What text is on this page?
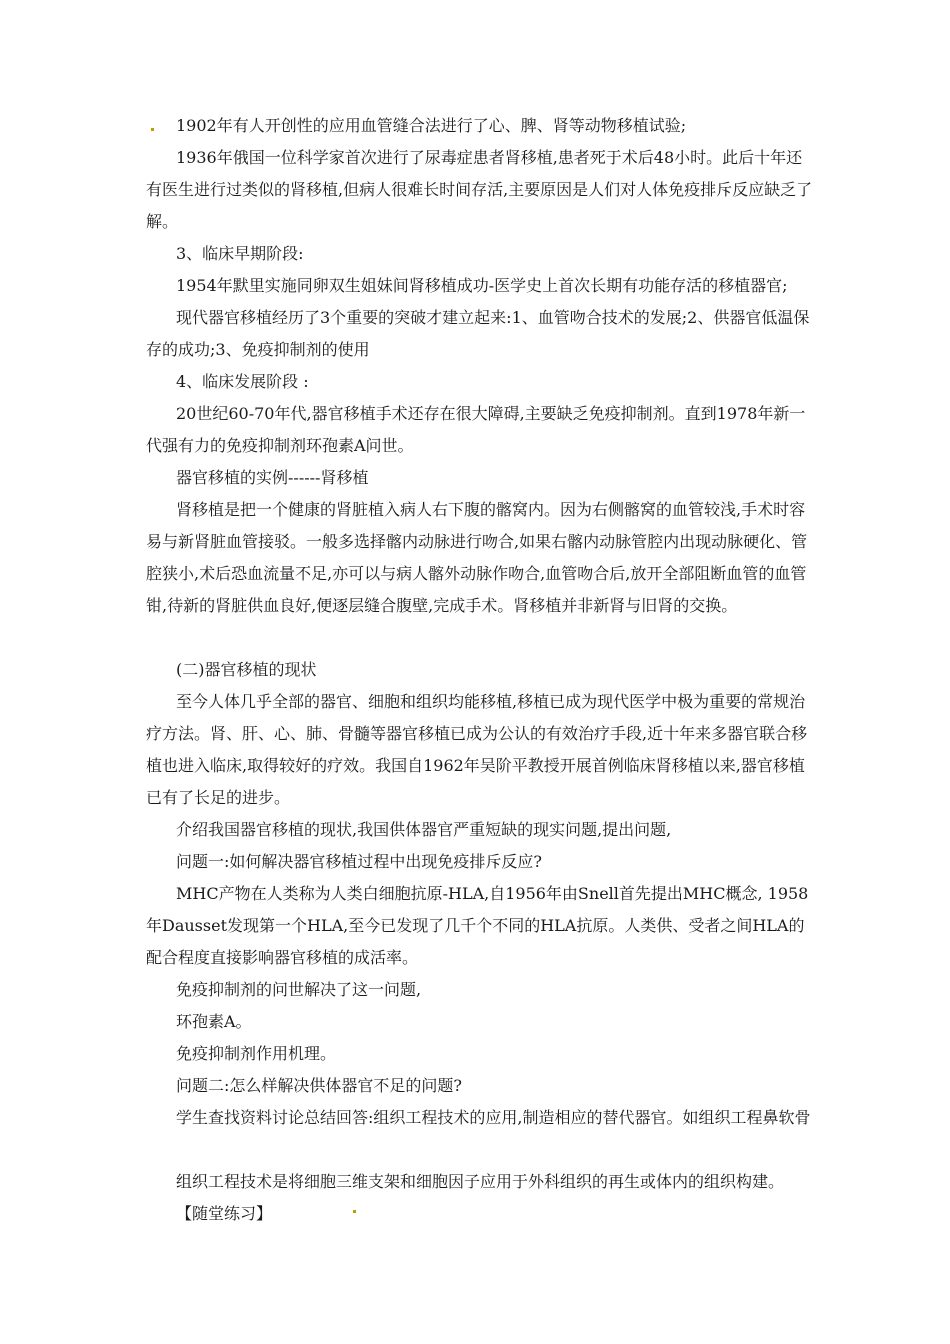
1902年有人开创性的应用血管缝合法进行了心、脾、肾等动物移植试验;

1936年俄国一位科学家首次进行了尿毒症患者肾移植,患者死于术后48小时。此后十年还有医生进行过类似的肾移植,但病人很难长时间存活,主要原因是人们对人体免疫排斥反应缺乏了解。

3、临床早期阶段:

1954年默里实施同卵双生姐妹间肾移植成功-医学史上首次长期有功能存活的移植器官;

现代器官移植经历了3个重要的突破才建立起来:1、血管吻合技术的发展;2、供器官低温保存的成功;3、免疫抑制剂的使用

4、临床发展阶段 :

20世纪60-70年代,器官移植手术还存在很大障碍,主要缺乏免疫抑制剂。直到1978年新一代强有力的免疫抑制剂环孢素A问世。

器官移植的实例------肾移植

肾移植是把一个健康的肾脏植入病人右下腹的髂窝内。因为右侧髂窝的血管较浅,手术时容易与新肾脏血管接驳。一般多选择髂内动脉进行吻合,如果右髂内动脉管腔内出现动脉硬化、管腔狭小,术后恐血流量不足,亦可以与病人髂外动脉作吻合,血管吻合后,放开全部阻断血管的血管钳,待新的肾脏供血良好,便逐层缝合腹壁,完成手术。肾移植并非新肾与旧肾的交换。

(二)器官移植的现状

至今人体几乎全部的器官、细胞和组织均能移植,移植已成为现代医学中极为重要的常规治疗方法。肾、肝、心、肺、骨髓等器官移植已成为公认的有效治疗手段,近十年来多器官联合移植也进入临床,取得较好的疗效。我国自1962年吴阶平教授开展首例临床肾移植以来,器官移植已有了长足的进步。

介绍我国器官移植的现状,我国供体器官严重短缺的现实问题,提出问题,

问题一:如何解决器官移植过程中出现免疫排斥反应?

MHC产物在人类称为人类白细胞抗原-HLA,自1956年由Snell首先提出MHC概念, 1958年Dausset发现第一个HLA,至今已发现了几千个不同的HLA抗原。人类供、受者之间HLA的配合程度直接影响器官移植的成活率。

免疫抑制剂的问世解决了这一问题,

环孢素A。

免疫抑制剂作用机理。

问题二:怎么样解决供体器官不足的问题?

学生查找资料讨论总结回答:组织工程技术的应用,制造相应的替代器官。如组织工程鼻软骨

组织工程技术是将细胞三维支架和细胞因子应用于外科组织的再生或体内的组织构建。

【随堂练习】
